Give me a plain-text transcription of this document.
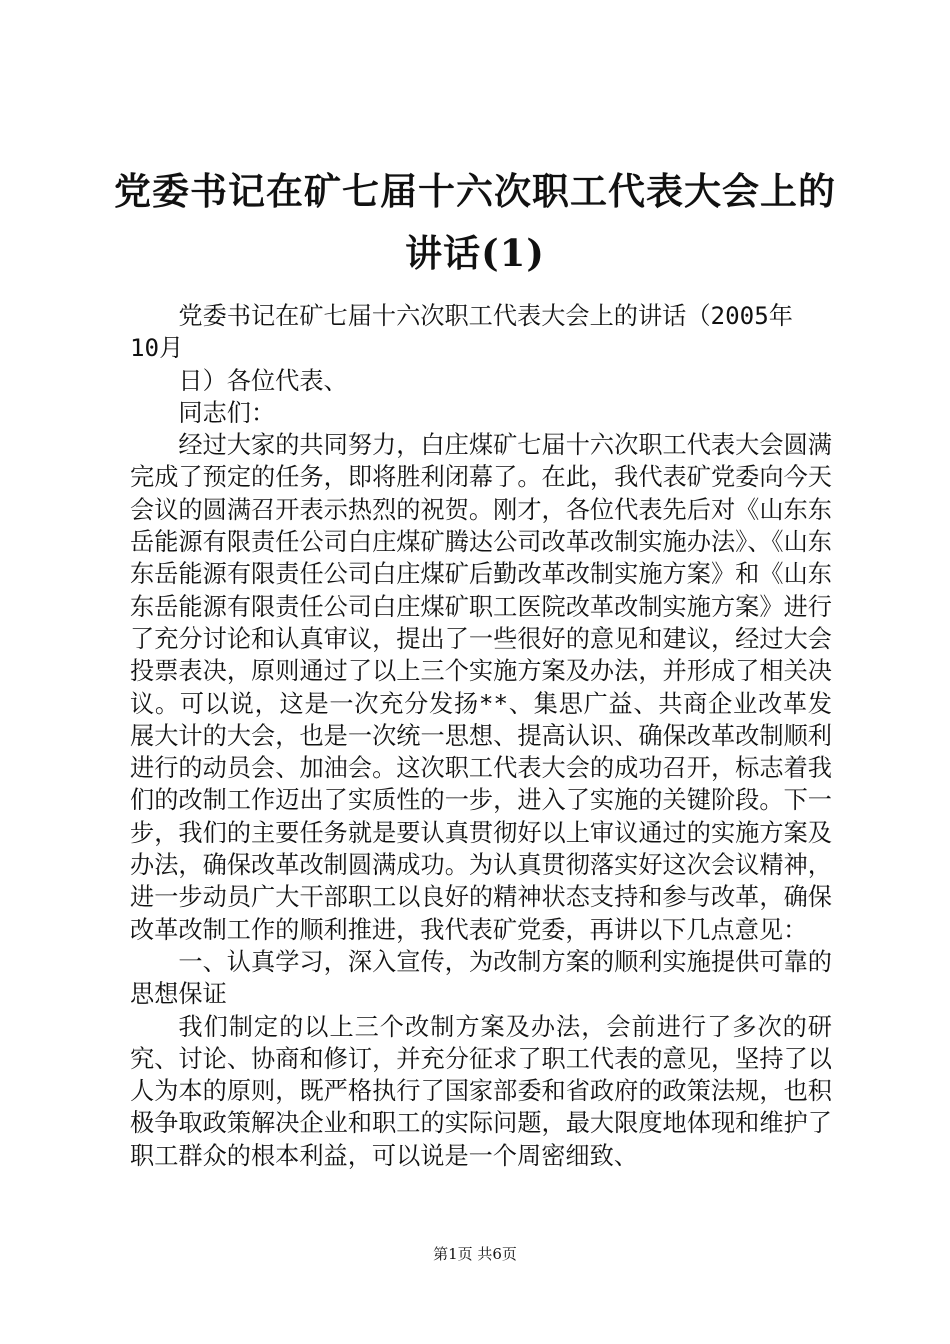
党委书记在矿七届十六次职工代表大会上的讲话(1)

党委书记在矿七届十六次职工代表大会上的讲话（2005年

10月

日）各位代表、

同志们：

经过大家的共同努力，白庄煤矿七届十六次职工代表大会圆满完成了预定的任务，即将胜利闭幕了。在此，我代表矿党委向今天会议的圆满召开表示热烈的祝贺。刚才，各位代表先后对《山东东岳能源有限责任公司白庄煤矿腾达公司改革改制实施办法》、《山东东岳能源有限责任公司白庄煤矿后勤改革改制实施方案》和《山东东岳能源有限责任公司白庄煤矿职工医院改革改制实施方案》进行了充分讨论和认真审议，提出了一些很好的意见和建议，经过大会投票表决，原则通过了以上三个实施方案及办法，并形成了相关决议。可以说，这是一次充分发扬**、集思广益、共商企业改革发展大计的大会，也是一次统一思想、提高认识、确保改革改制顺利进行的动员会、加油会。这次职工代表大会的成功召开，标志着我们的改制工作迈出了实质性的一步，进入了实施的关键阶段。下一步，我们的主要任务就是要认真贯彻好以上审议通过的实施方案及办法，确保改革改制圆满成功。为认真贯彻落实好这次会议精神，进一步动员广大干部职工以良好的精神状态支持和参与改革，确保改革改制工作的顺利推进，我代表矿党委，再讲以下几点意见：

一、认真学习，深入宣传，为改制方案的顺利实施提供可靠的思想保证

我们制定的以上三个改制方案及办法，会前进行了多次的研究、讨论、协商和修订，并充分征求了职工代表的意见，坚持了以人为本的原则，既严格执行了国家部委和省政府的政策法规，也积极争取政策解决企业和职工的实际问题，最大限度地体现和维护了职工群众的根本利益，可以说是一个周密细致、

第1页 共6页
